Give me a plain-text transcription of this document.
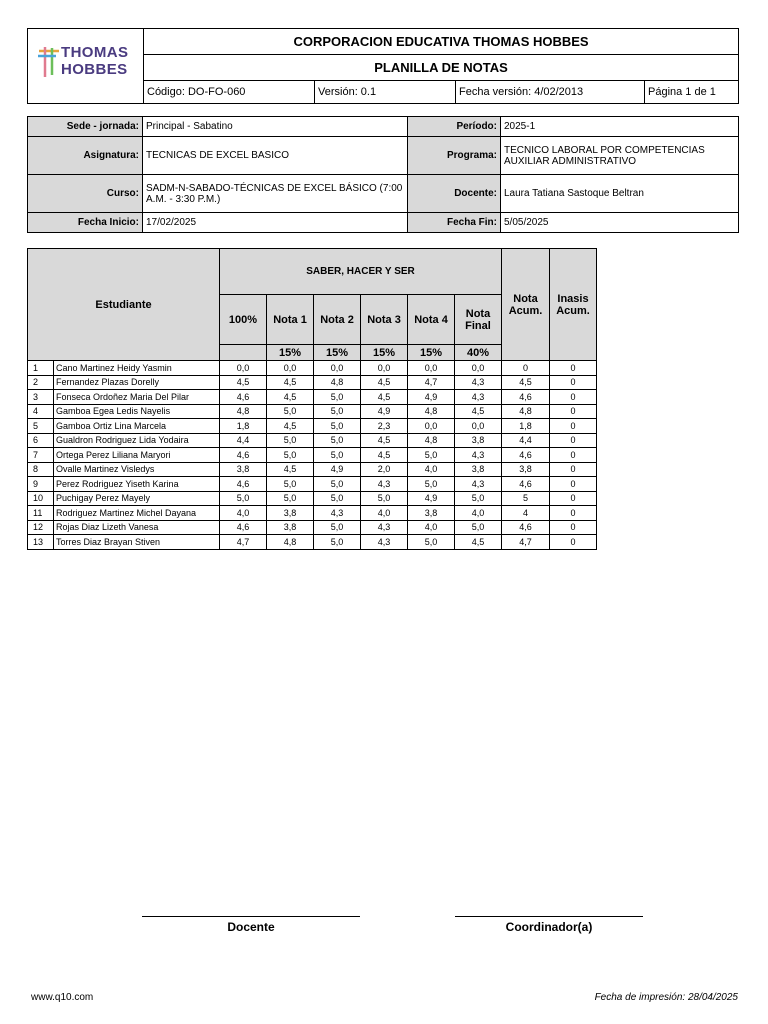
THOMAS
HOBBES	CORPORACION EDUCATIVA THOMAS HOBBES			
	PLANILLA DE NOTAS			
	Código: DO-FO-060	Versión: 0.1	Fecha versión: 4/02/2013	Página 1 de 1
Sede - jornada:	Principal - Sabatino	Período:	2025-1
Asignatura:	TECNICAS DE EXCEL BASICO	Programa:	TECNICO LABORAL POR COMPETENCIAS AUXILIAR ADMINISTRATIVO
Curso:	SADM-N-SABADO-TÉCNICAS DE EXCEL BÁSICO (7:00 A.M. - 3:30 P.M.)	Docente:	Laura Tatiana Sastoque Beltran
Fecha Inicio:	17/02/2025	Fecha Fin:	5/05/2025
Estudiante		SABER, HACER Y SER						Nota Acum.	Inasis Acum.
		100%	Nota 1	Nota 2	Nota 3	Nota 4	Nota Final		
			15%	15%	15%	15%	40%		
1	Cano Martinez Heidy Yasmin	0,0	0,0	0,0	0,0	0,0	0,0	0	0
2	Fernandez Plazas Dorelly	4,5	4,5	4,8	4,5	4,7	4,3	4,5	0
3	Fonseca Ordoñez Maria Del Pilar	4,6	4,5	5,0	4,5	4,9	4,3	4,6	0
4	Gamboa Egea Ledis Nayelis	4,8	5,0	5,0	4,9	4,8	4,5	4,8	0
5	Gamboa Ortiz Lina Marcela	1,8	4,5	5,0	2,3	0,0	0,0	1,8	0
6	Gualdron Rodriguez Lida Yodaira	4,4	5,0	5,0	4,5	4,8	3,8	4,4	0
7	Ortega Perez Liliana Maryori	4,6	5,0	5,0	4,5	5,0	4,3	4,6	0
8	Ovalle Martinez Visledys	3,8	4,5	4,9	2,0	4,0	3,8	3,8	0
9	Perez Rodriguez Yiseth Karina	4,6	5,0	5,0	4,3	5,0	4,3	4,6	0
10	Puchigay Perez Mayely	5,0	5,0	5,0	5,0	4,9	5,0	5	0
11	Rodriguez Martinez Michel Dayana	4,0	3,8	4,3	4,0	3,8	4,0	4	0
12	Rojas Diaz Lizeth Vanesa	4,6	3,8	5,0	4,3	4,0	5,0	4,6	0
13	Torres Diaz Brayan Stiven	4,7	4,8	5,0	4,3	5,0	4,5	4,7	0
Docente	Coordinador(a)
www.q10.com	Fecha de impresión: 28/04/2025
